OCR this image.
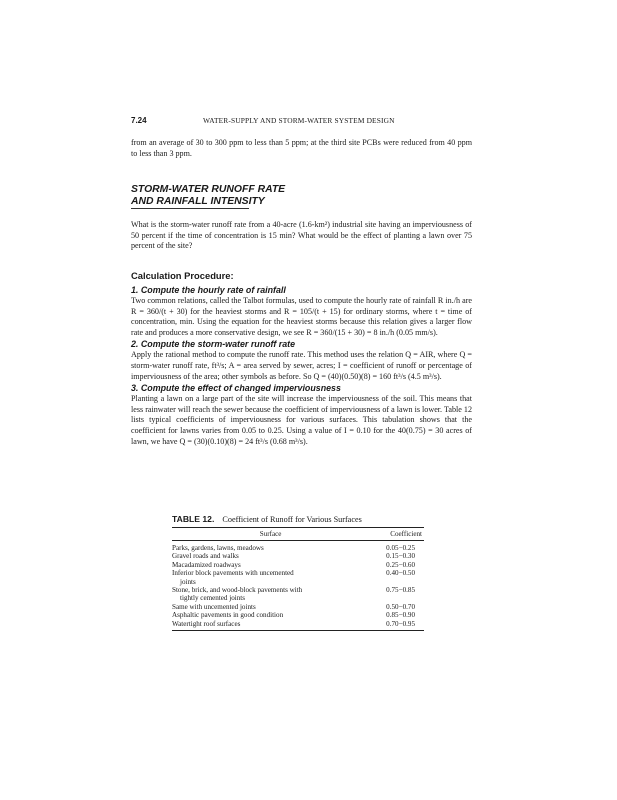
7.24	WATER-SUPPLY AND STORM-WATER SYSTEM DESIGN
from an average of 30 to 300 ppm to less than 5 ppm; at the third site PCBs were reduced from 40 ppm to less than 3 ppm.
STORM-WATER RUNOFF RATE
AND RAINFALL INTENSITY
What is the storm-water runoff rate from a 40-acre (1.6-km²) industrial site having an imperviousness of 50 percent if the time of concentration is 15 min? What would be the effect of planting a lawn over 75 percent of the site?
Calculation Procedure:
1. Compute the hourly rate of rainfall
Two common relations, called the Talbot formulas, used to compute the hourly rate of rainfall R in./h are R = 360/(t + 30) for the heaviest storms and R = 105/(t + 15) for ordinary storms, where t = time of concentration, min. Using the equation for the heaviest storms because this relation gives a larger flow rate and produces a more conservative design, we see R = 360/(15 + 30) = 8 in./h (0.05 mm/s).
2. Compute the storm-water runoff rate
Apply the rational method to compute the runoff rate. This method uses the relation Q = AIR, where Q = storm-water runoff rate, ft³/s; A = area served by sewer, acres; I = coefficient of runoff or percentage of imperviousness of the area; other symbols as before. So Q = (40)(0.50)(8) = 160 ft³/s (4.5 m³/s).
3. Compute the effect of changed imperviousness
Planting a lawn on a large part of the site will increase the imperviousness of the soil. This means that less rainwater will reach the sewer because the coefficient of imperviousness of a lawn is lower. Table 12 lists typical coefficients of imperviousness for various surfaces. This tabulation shows that the coefficient for lawns varies from 0.05 to 0.25. Using a value of I = 0.10 for the 40(0.75) = 30 acres of lawn, we have Q = (30)(0.10)(8) = 24 ft³/s (0.68 m³/s).
TABLE 12. Coefficient of Runoff for Various Surfaces
Surface	Coefficient
Parks, gardens, lawns, meadows	0.05−0.25
Gravel roads and walks	0.15−0.30
Macadamized roadways	0.25−0.60
Inferior block pavements with uncemented
joints	0.40−0.50
Stone, brick, and wood-block pavements with
tightly cemented joints	0.75−0.85
Same with uncemented joints	0.50−0.70
Asphaltic pavements in good condition	0.85−0.90
Watertight roof surfaces	0.70−0.95
